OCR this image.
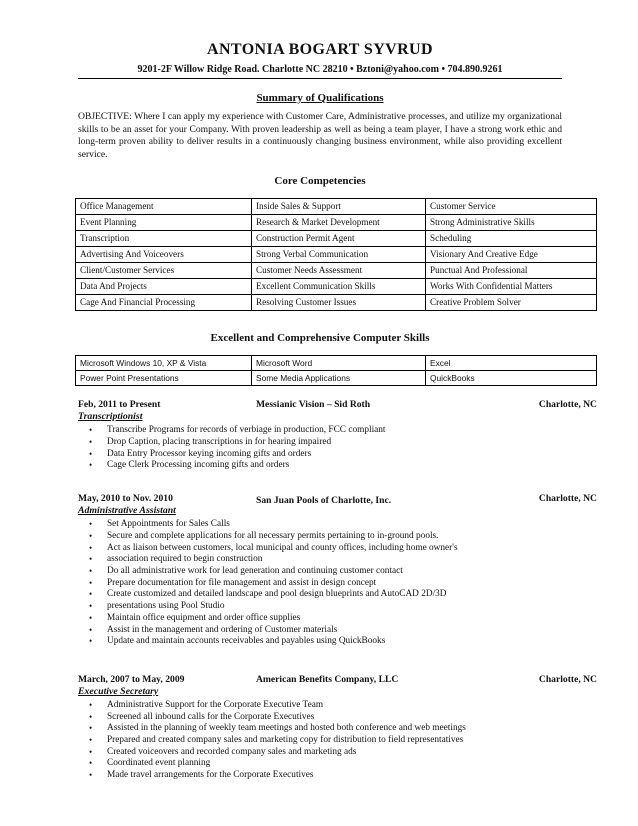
ANTONIA BOGART SYVRUD
9201-2F Willow Ridge Road. Charlotte NC 28210 • Bztoni@yahoo.com • 704.890.9261
Summary of Qualifications
OBJECTIVE: Where I can apply my experience with Customer Care, Administrative processes, and utilize my organizational skills to be an asset for your Company. With proven leadership as well as being a team player, I have a strong work ethic and long-term proven ability to deliver results in a continuously changing business environment, while also providing excellent service.
Core Competencies
Office Management	Inside Sales & Support	Customer Service
Event Planning	Research & Market Development	Strong Administrative Skills
Transcription	Construction Permit Agent	Scheduling
Advertising And Voiceovers	Strong Verbal Communication	Visionary And Creative Edge
Client/Customer Services	Customer Needs Assessment	Punctual And Professional
Data And Projects	Excellent Communication Skills	Works With Confidential Matters
Cage And Financial Processing	Resolving Customer Issues	Creative Problem Solver
Excellent and Comprehensive Computer Skills
Microsoft Windows 10, XP & Vista	Microsoft Word	Excel
Power Point Presentations	Some Media Applications	QuickBooks
Feb, 2011 to Present	Messianic Vision – Sid Roth	Charlotte, NC
Transcriptionist
• Transcribe Programs for records of verbiage in production, FCC compliant
• Drop Caption, placing transcriptions in for hearing impaired
• Data Entry Processor keying incoming gifts and orders
• Cage Clerk Processing incoming gifts and orders
May, 2010 to Nov. 2010	San Juan Pools of Charlotte, Inc.	Charlotte, NC
Administrative Assistant
• Set Appointments for Sales Calls
• Secure and complete applications for all necessary permits pertaining to in-ground pools.
• Act as liaison between customers, local municipal and county offices, including home owner's
• association required to begin construction
• Do all administrative work for lead generation and continuing customer contact
• Prepare documentation for file management and assist in design concept
• Create customized and detailed landscape and pool design blueprints and AutoCAD 2D/3D
• presentations using Pool Studio
• Maintain office equipment and order office supplies
• Assist in the management and ordering of Customer materials
• Update and maintain accounts receivables and payables using QuickBooks
March, 2007 to May, 2009	American Benefits Company, LLC	Charlotte, NC
Executive Secretary
• Administrative Support for the Corporate Executive Team
• Screened all inbound calls for the Corporate Executives
• Assisted in the planning of weekly team meetings and hosted both conference and web meetings
• Prepared and created company sales and marketing copy for distribution to field representatives
• Created voiceovers and recorded company sales and marketing ads
• Coordinated event planning
• Made travel arrangements for the Corporate Executives
